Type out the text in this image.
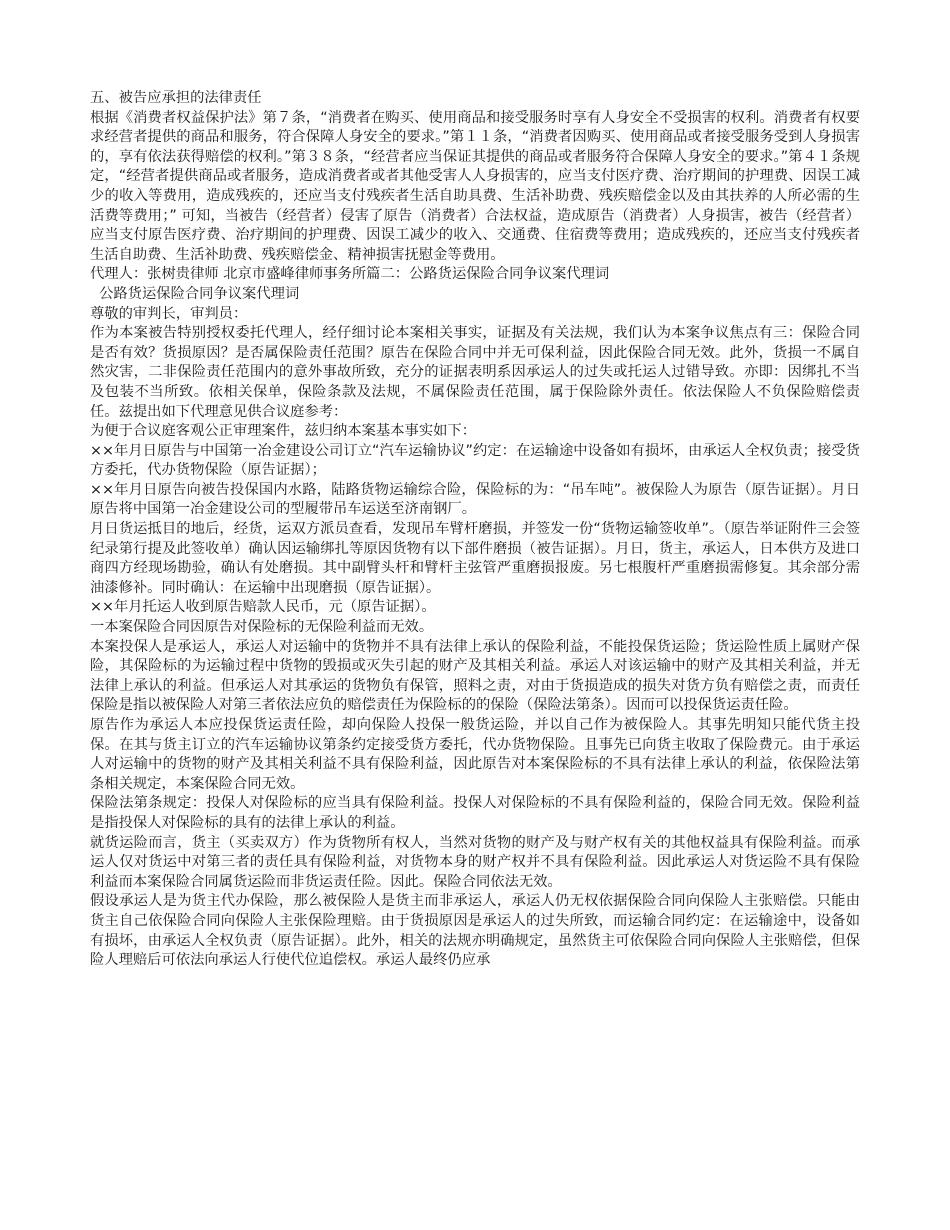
五、被告应承担的法律责任

根据《消费者权益保护法》第７条，“消费者在购买、使用商品和接受服务时享有人身安全不受损害的权利。消费者有权要求经营者提供的商品和服务，符合保障人身安全的要求。”第１１条，“消费者因购买、使用商品或者接受服务受到人身损害的，享有依法获得赔偿的权利。”第３８条，“经营者应当保证其提供的商品或者服务符合保障人身安全的要求。”第４１条规定，“经营者提供商品或者服务，造成消费者或者其他受害人人身损害的，应当支付医疗费、治疗期间的护理费、因误工减少的收入等费用，造成残疾的，还应当支付残疾者生活自助具费、生活补助费、残疾赔偿金以及由其扶养的人所必需的生活费等费用；” 可知，当被告（经营者）侵害了原告（消费者）合法权益，造成原告（消费者）人身损害，被告（经营者）应当支付原告医疗费、治疗期间的护理费、因误工减少的收入、交通费、住宿费等费用；造成残疾的，还应当支付残疾者生活自助费、生活补助费、残疾赔偿金、精神损害抚慰金等费用。

代理人：张树贵律师 北京市盛峰律师事务所篇二：公路货运保险合同争议案代理词

公路货运保险合同争议案代理词

尊敬的审判长，审判员：

作为本案被告特别授权委托代理人，经仔细讨论本案相关事实，证据及有关法规，我们认为本案争议焦点有三：保险合同是否有效？货损原因？是否属保险责任范围？原告在保险合同中并无可保利益，因此保险合同无效。此外，货损一不属自然灾害，二非保险责任范围内的意外事故所致，充分的证据表明系因承运人的过失或托运人过错导致。亦即：因绑扎不当及包装不当所致。依相关保单，保险条款及法规，不属保险责任范围，属于保险除外责任。依法保险人不负保险赔偿责任。兹提出如下代理意见供合议庭参考：

为便于合议庭客观公正审理案件，兹归纳本案基本事实如下：

××年月日原告与中国第一冶金建设公司订立“汽车运输协议”约定：在运输途中设备如有损坏，由承运人全权负责；接受货方委托，代办货物保险（原告证据）；

××年月日原告向被告投保国内水路，陆路货物运输综合险，保险标的为：“吊车吨”。被保险人为原告（原告证据）。月日原告将中国第一冶金建设公司的型履带吊车运送至济南钢厂。

月日货运抵目的地后，经货，运双方派员查看，发现吊车臂杆磨损，并签发一份“货物运输签收单”。（原告举证附件三会签纪录第行提及此签收单）确认因运输绑扎等原因货物有以下部件磨损（被告证据）。月日，货主，承运人，日本供方及进口商四方经现场勘验，确认有处磨损。其中副臂头杆和臂杆主弦管严重磨损报废。另七根腹杆严重磨损需修复。其余部分需油漆修补。同时确认：在运输中出现磨损（原告证据）。

××年月托运人收到原告赔款人民币，元（原告证据）。

一本案保险合同因原告对保险标的无保险利益而无效。

本案投保人是承运人，承运人对运输中的货物并不具有法律上承认的保险利益，不能投保货运险；货运险性质上属财产保险，其保险标的为运输过程中货物的毁损或灭失引起的财产及其相关利益。承运人对该运输中的财产及其相关利益，并无法律上承认的利益。但承运人对其承运的货物负有保管，照料之责，对由于货损造成的损失对货方负有赔偿之责，而责任保险是指以被保险人对第三者依法应负的赔偿责任为保险标的的保险（保险法第条）。因而可以投保货运责任险。

原告作为承运人本应投保货运责任险，却向保险人投保一般货运险，并以自己作为被保险人。其事先明知只能代货主投保。在其与货主订立的汽车运输协议第条约定接受货方委托，代办货物保险。且事先已向货主收取了保险费元。由于承运人对运输中的货物的财产及其相关利益不具有保险利益，因此原告对本案保险标的不具有法律上承认的利益，依保险法第条相关规定，本案保险合同无效。

保险法第条规定：投保人对保险标的应当具有保险利益。投保人对保险标的不具有保险利益的，保险合同无效。保险利益是指投保人对保险标的具有的法律上承认的利益。

就货运险而言，货主（买卖双方）作为货物所有权人，当然对货物的财产及与财产权有关的其他权益具有保险利益。而承运人仅对货运中对第三者的责任具有保险利益，对货物本身的财产权并不具有保险利益。因此承运人对货运险不具有保险利益而本案保险合同属货运险而非货运责任险。因此。保险合同依法无效。

假设承运人是为货主代办保险，那么被保险人是货主而非承运人，承运人仍无权依据保险合同向保险人主张赔偿。只能由货主自己依保险合同向保险人主张保险理赔。由于货损原因是承运人的过失所致，而运输合同约定：在运输途中，设备如有损坏，由承运人全权负责（原告证据）。此外，相关的法规亦明确规定，虽然货主可依保险合同向保险人主张赔偿，但保险人理赔后可依法向承运人行使代位追偿权。承运人最终仍应承
